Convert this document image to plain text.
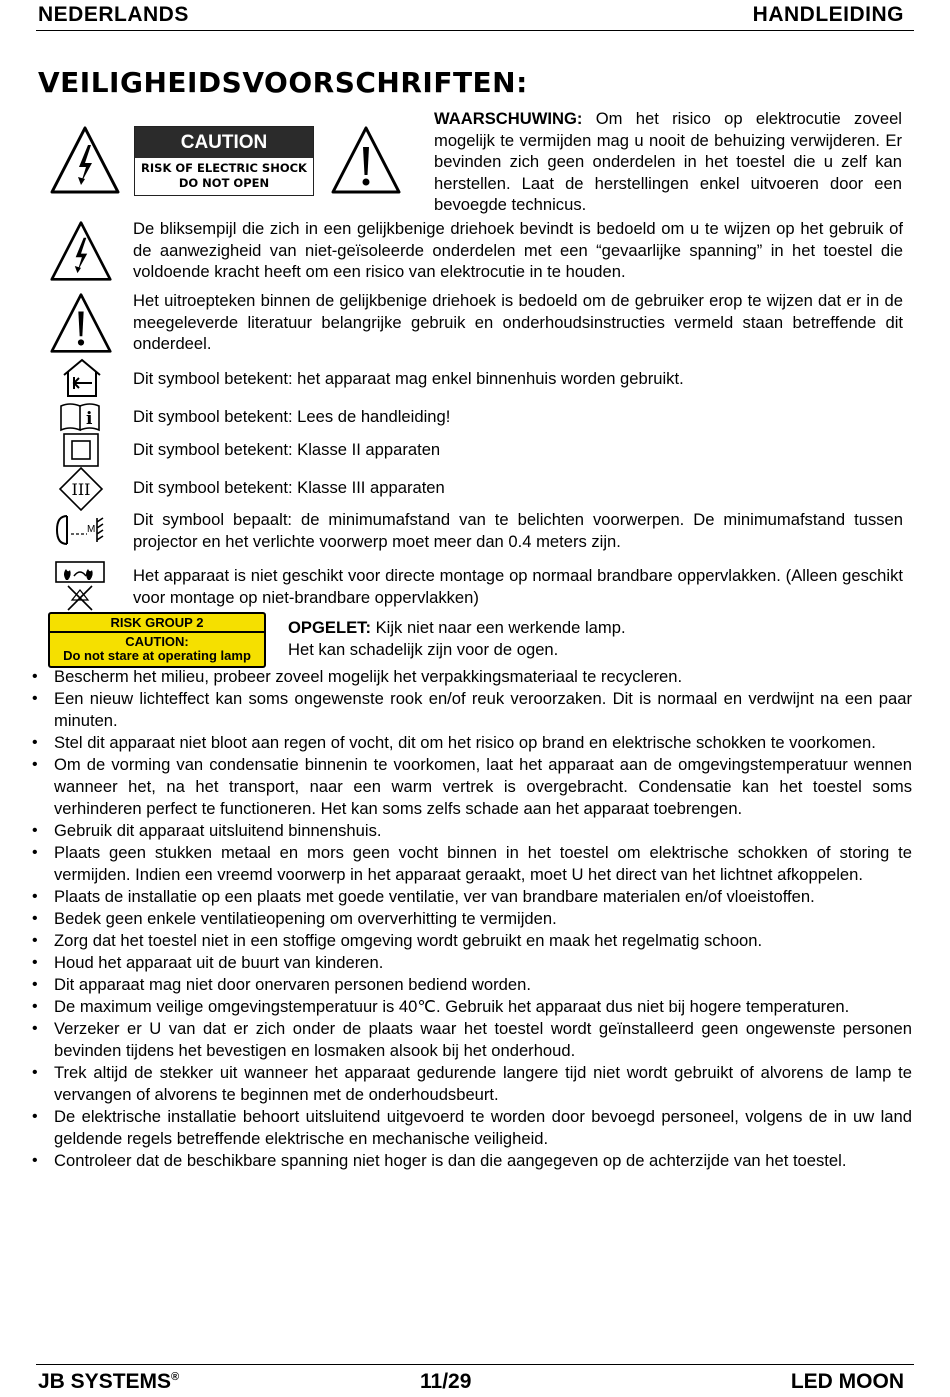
NEDERLANDS	HANDLEIDING
VEILIGHEIDSVOORSCHRIFTEN:
CAUTION
RISK OF ELECTRIC SHOCK
DO NOT OPEN
WAARSCHUWING: Om het risico op elektrocutie zoveel mogelijk te vermijden mag u nooit de behuizing verwijderen. Er bevinden zich geen onderdelen in het toestel die u zelf kan herstellen. Laat de herstellingen enkel uitvoeren door een bevoegde technicus.
De bliksempijl die zich in een gelijkbenige driehoek bevindt is bedoeld om u te wijzen op het gebruik of de aanwezigheid van niet-geïsoleerde onderdelen met een “gevaarlijke spanning” in het toestel die voldoende kracht heeft om een risico van elektrocutie in te houden.
Het uitroepteken binnen de gelijkbenige driehoek is bedoeld om de gebruiker erop te wijzen dat er in de meegeleverde literatuur belangrijke gebruik en onderhoudsinstructies vermeld staan betreffende dit onderdeel.
Dit symbool betekent: het apparaat mag enkel binnenhuis worden gebruikt.
i Dit symbool betekent: Lees de handleiding!
Dit symbool betekent: Klasse II apparaten
III	Dit symbool betekent: Klasse III apparaten
M
Dit symbool bepaalt: de minimumafstand van te belichten voorwerpen. De minimumafstand tussen projector en het verlichte voorwerp moet meer dan 0.4 meters zijn.
Het apparaat is niet geschikt voor directe montage op normaal brandbare oppervlakken. (Alleen geschikt voor montage op niet-brandbare oppervlakken)
RISK GROUP 2
CAUTION:
Do not stare at operating lamp
OPGELET: Kijk niet naar een werkende lamp.
Het kan schadelijk zijn voor de ogen.
• Bescherm het milieu, probeer zoveel mogelijk het verpakkingsmateriaal te recycleren.
• Een nieuw lichteffect kan soms ongewenste rook en/of reuk veroorzaken. Dit is normaal en verdwijnt na een paar minuten.
• Stel dit apparaat niet bloot aan regen of vocht, dit om het risico op brand en elektrische schokken te voorkomen.
• Om de vorming van condensatie binnenin te voorkomen, laat het apparaat aan de omgevingstemperatuur wennen wanneer het, na het transport, naar een warm vertrek is overgebracht. Condensatie kan het toestel soms verhinderen perfect te functioneren. Het kan soms zelfs schade aan het apparaat toebrengen.
• Gebruik dit apparaat uitsluitend binnenshuis.
• Plaats geen stukken metaal en mors geen vocht binnen in het toestel om elektrische schokken of storing te vermijden. Indien een vreemd voorwerp in het apparaat geraakt, moet U het direct van het lichtnet afkoppelen.
• Plaats de installatie op een plaats met goede ventilatie, ver van brandbare materialen en/of vloeistoffen.
• Bedek geen enkele ventilatieopening om oververhitting te vermijden.
• Zorg dat het toestel niet in een stoffige omgeving wordt gebruikt en maak het regelmatig schoon.
• Houd het apparaat uit de buurt van kinderen.
• Dit apparaat mag niet door onervaren personen bediend worden.
• De maximum veilige omgevingstemperatuur is 40℃. Gebruik het apparaat dus niet bij hogere temperaturen.
• Verzeker er U van dat er zich onder de plaats waar het toestel wordt geïnstalleerd geen ongewenste personen bevinden tijdens het bevestigen en losmaken alsook bij het onderhoud.
• Trek altijd de stekker uit wanneer het apparaat gedurende langere tijd niet wordt gebruikt of alvorens de lamp te vervangen of alvorens te beginnen met de onderhoudsbeurt.
• De elektrische installatie behoort uitsluitend uitgevoerd te worden door bevoegd personeel, volgens de in uw land geldende regels betreffende elektrische en mechanische veiligheid.
• Controleer dat de beschikbare spanning niet hoger is dan die aangegeven op de achterzijde van het toestel.
JB SYSTEMS®	11/29	LED MOON
